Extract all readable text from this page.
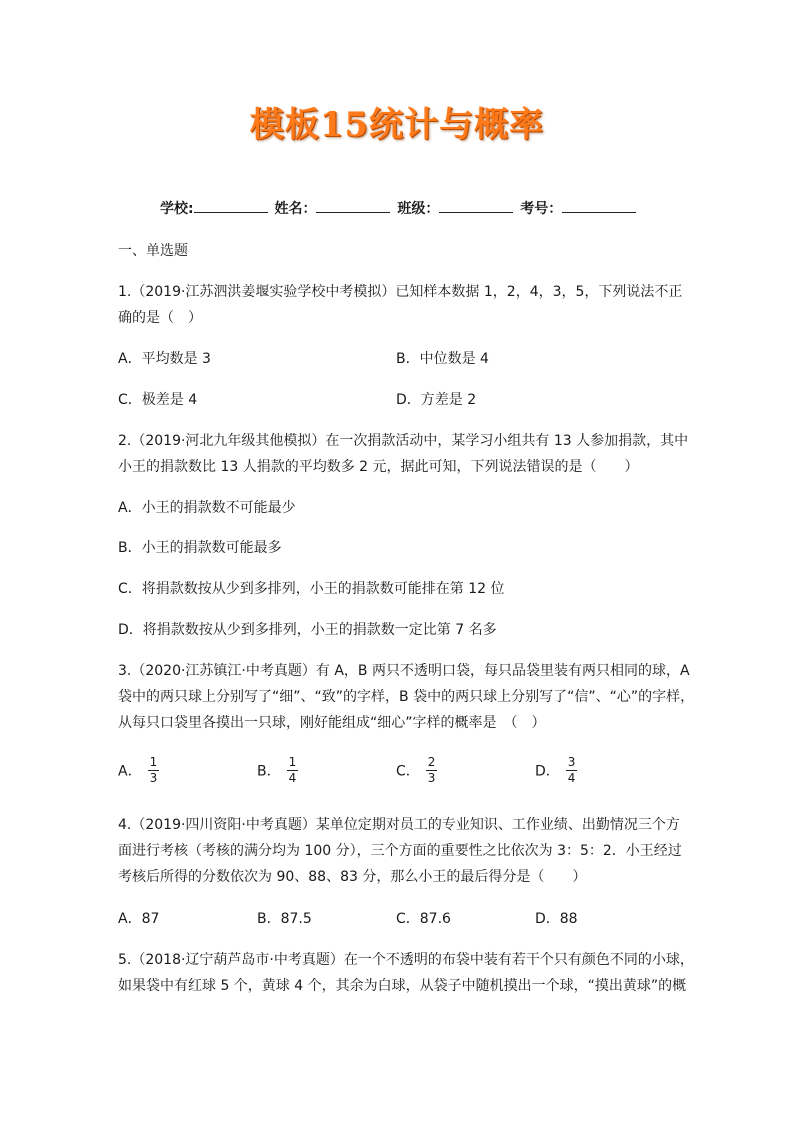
模板15统计与概率
学校:	姓名：	班级：	考号：
一、单选题
1.（2019·江苏泗洪姜堰实验学校中考模拟）已知样本数据 1，2，4，3，5，下列说法不正
确的是（　）
A．平均数是 3	B．中位数是 4
C．极差是 4	D．方差是 2
2.（2019·河北九年级其他模拟）在一次捐款活动中，某学习小组共有 13 人参加捐款，其中
小王的捐款数比 13 人捐款的平均数多 2 元，据此可知，下列说法错误的是（　　）
A．小王的捐款数不可能最少
B．小王的捐款数可能最多
C．将捐款数按从少到多排列，小王的捐款数可能排在第 12 位
D．将捐款数按从少到多排列，小王的捐款数一定比第 7 名多
3.（2020·江苏镇江·中考真题）有 A，B 两只不透明口袋，每只品袋里装有两只相同的球，A
袋中的两只球上分别写了“细”、“致”的字样，B 袋中的两只球上分别写了“信”、“心”的字样，
从每只口袋里各摸出一只球，刚好能组成“细心”字样的概率是　（　）
A． $\frac{1}{3}$	B． $\frac{1}{4}$	C． $\frac{2}{3}$	D． $\frac{3}{4}$
4.（2019·四川资阳·中考真题）某单位定期对员工的专业知识、工作业绩、出勤情况三个方
面进行考核（考核的满分均为 100 分），三个方面的重要性之比依次为 3：5：2．小王经过
考核后所得的分数依次为 90、88、83 分，那么小王的最后得分是（　　）
A．87	B．87.5	C．87.6	D．88
5.（2018·辽宁葫芦岛市·中考真题）在一个不透明的布袋中装有若干个只有颜色不同的小球，
如果袋中有红球 5 个，黄球 4 个，其余为白球，从袋子中随机摸出一个球，“摸出黄球”的概
